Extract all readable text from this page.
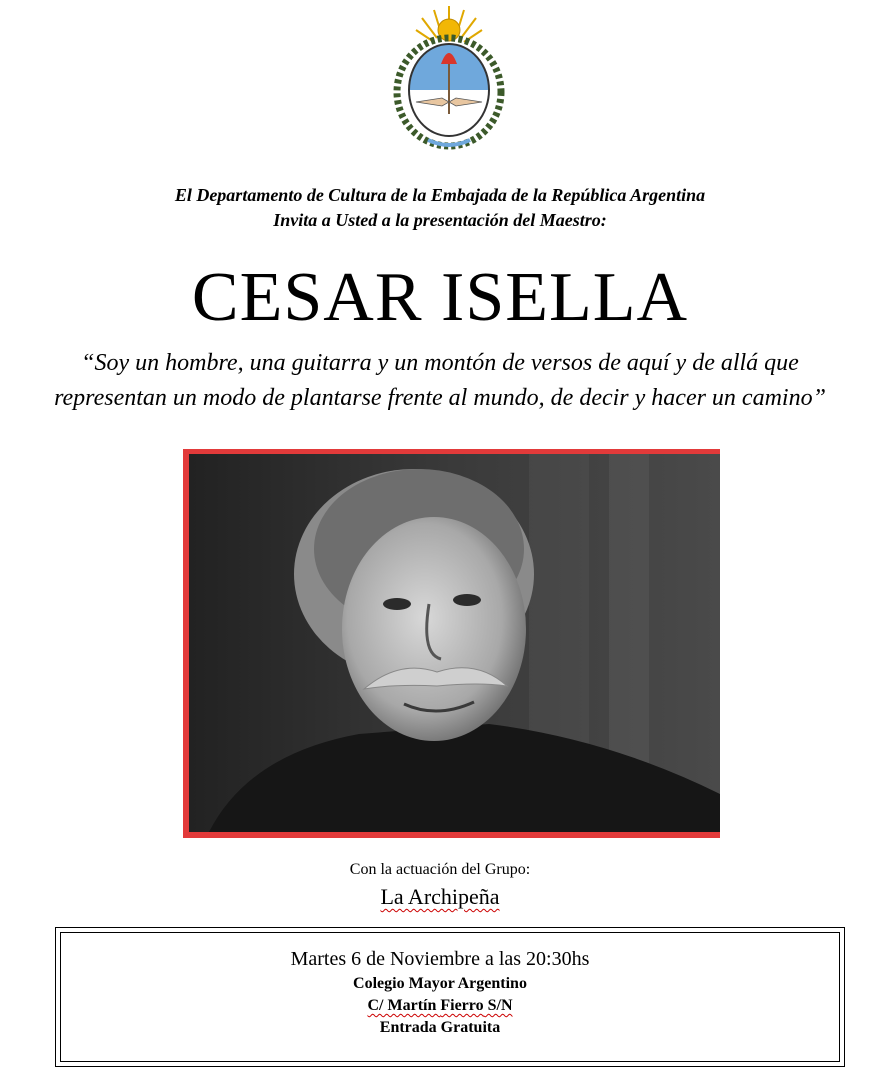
El Departamento de Cultura de la Embajada de la República Argentina
Invita a Usted a la presentación del Maestro:
CESAR ISELLA
“Soy un hombre, una guitarra y un montón de versos de aquí y de allá que
representan un modo de plantarse frente al mundo, de decir y hacer un camino”
Con la actuación del Grupo:
La Archipeña
Martes 6 de Noviembre a las 20:30hs
Colegio Mayor Argentino
C/ Martín Fierro S/N
Entrada Gratuita
